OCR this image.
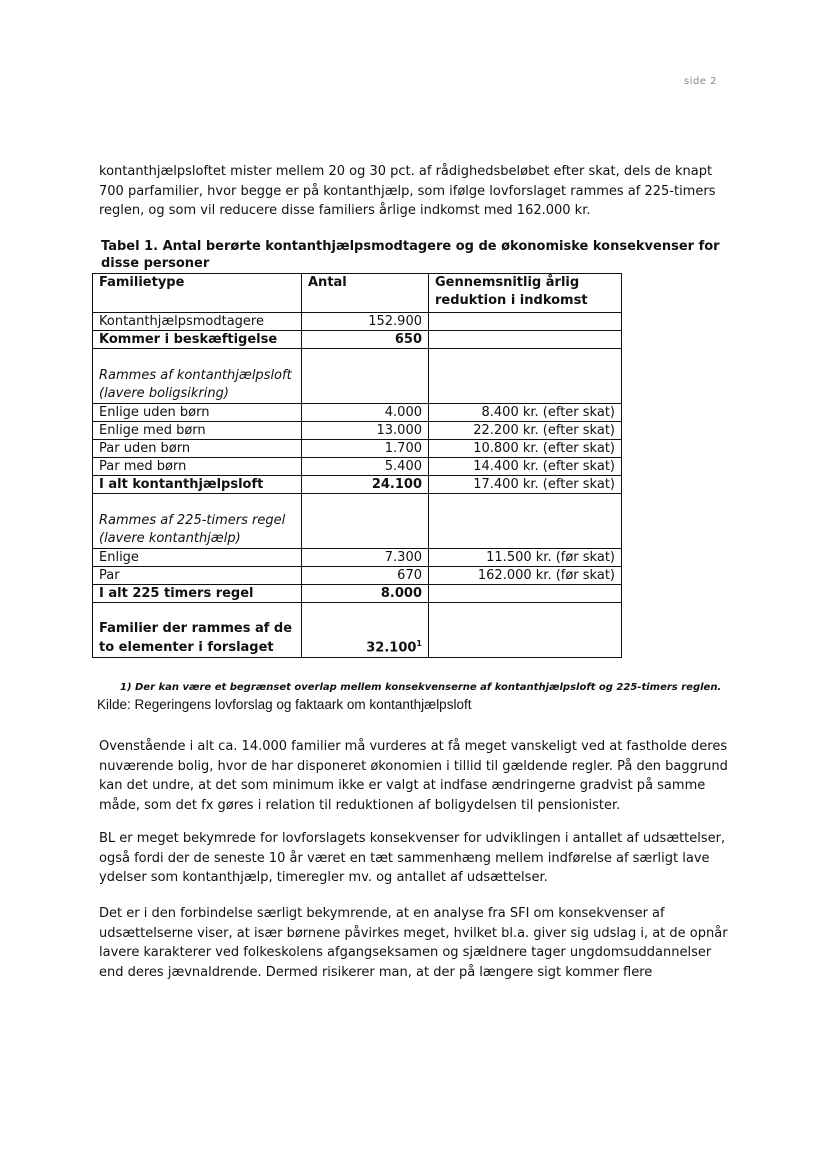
side 2

kontanthjælpsloftet mister mellem 20 og 30 pct. af rådighedsbeløbet efter skat, dels de knapt 700 parfamilier, hvor begge er på kontanthjælp, som ifølge lovforslaget rammes af 225-timers reglen, og som vil reducere disse familiers årlige indkomst med 162.000 kr.

Tabel 1. Antal berørte kontanthjælpsmodtagere og de økonomiske konsekvenser for disse personer

Familietype	Antal	Gennemsnitlig årlig reduktion i indkomst
Kontanthjælpsmodtagere	152.900	
Kommer i beskæftigelse	650	
Rammes af kontanthjælpsloft (lavere boligsikring)		
Enlige uden børn	4.000	8.400 kr. (efter skat)
Enlige med børn	13.000	22.200 kr. (efter skat)
Par uden børn	1.700	10.800 kr. (efter skat)
Par med børn	5.400	14.400 kr. (efter skat)
I alt kontanthjælpsloft	24.100	17.400 kr. (efter skat)
Rammes af 225-timers regel (lavere kontanthjælp)		
Enlige	7.300	11.500 kr. (før skat)
Par	670	162.000 kr. (før skat)
I alt 225 timers regel	8.000	
Familier der rammes af de to elementer i forslaget	32.100$^1$	

1) Der kan være et begrænset overlap mellem konsekvenserne af kontanthjælpsloft og 225-timers reglen.

Kilde: Regeringens lovforslag og faktaark om kontanthjælpsloft

Ovenstående i alt ca. 14.000 familier må vurderes at få meget vanskeligt ved at fastholde deres nuværende bolig, hvor de har disponeret økonomien i tillid til gældende regler. På den baggrund kan det undre, at det som minimum ikke er valgt at indfase ændringerne gradvist på samme måde, som det fx gøres i relation til reduktionen af boligydelsen til pensionister.

BL er meget bekymrede for lovforslagets konsekvenser for udviklingen i antallet af udsættelser, også fordi der de seneste 10 år været en tæt sammenhæng mellem indførelse af særligt lave ydelser som kontanthjælp, timeregler mv. og antallet af udsættelser.

Det er i den forbindelse særligt bekymrende, at en analyse fra SFI om konsekvenser af udsættelserne viser, at især børnene påvirkes meget, hvilket bl.a. giver sig udslag i, at de opnår lavere karakterer ved folkeskolens afgangseksamen og sjældnere tager ungdomsuddannelser end deres jævnaldrende. Dermed risikerer man, at der på længere sigt kommer flere
